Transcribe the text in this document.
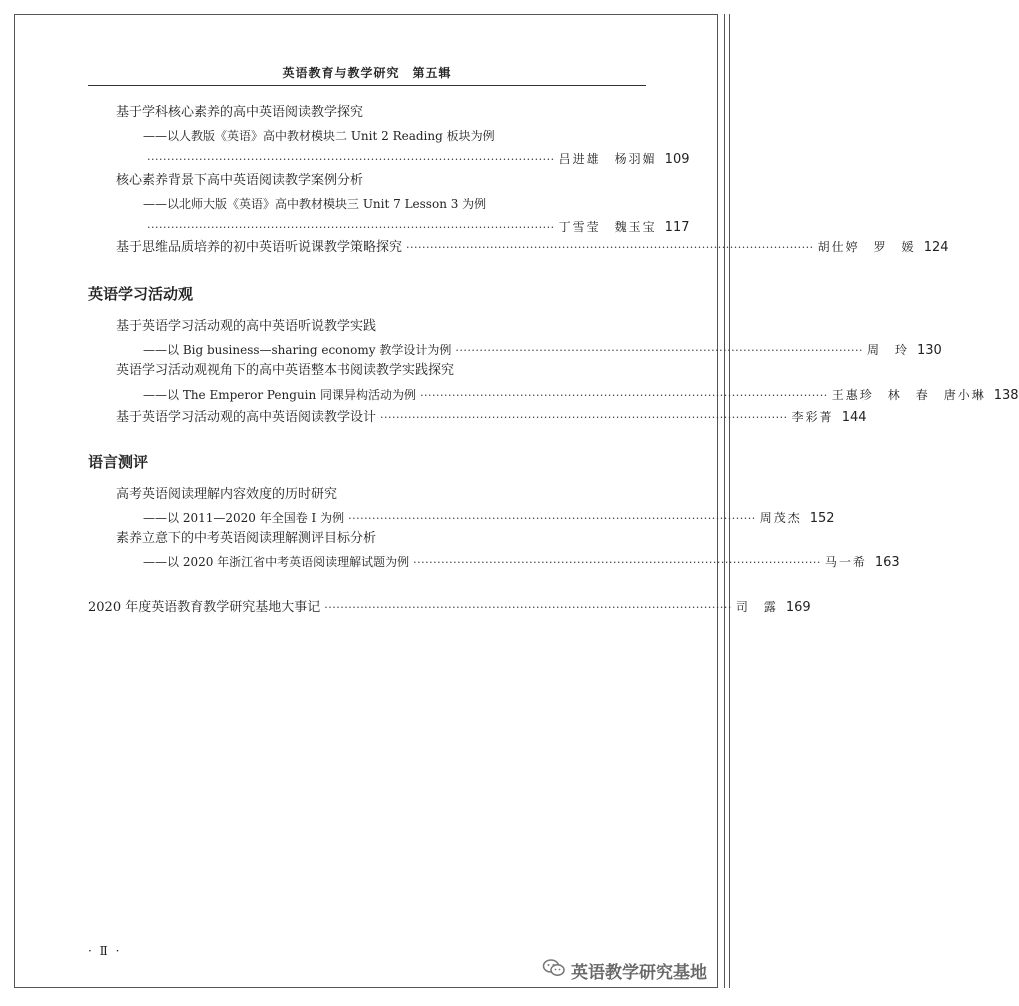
英语教育与教学研究　第五辑
基于学科核心素养的高中英语阅读教学探究
——以人教版《英语》高中教材模块二 Unit 2 Reading 板块为例
······································································································ 吕进雄　杨羽媚 109
核心素养背景下高中英语阅读教学案例分析
——以北师大版《英语》高中教材模块三 Unit 7 Lesson 3 为例
······································································································ 丁雪莹　魏玉宝 117
基于思维品质培养的初中英语听说课教学策略探究 ······································································································ 胡仕婷　罗　媛 124
英语学习活动观
基于英语学习活动观的高中英语听说教学实践
——以 Big business—sharing economy 教学设计为例 ······································································································ 周　玲 130
英语学习活动观视角下的高中英语整本书阅读教学实践探究
——以 The Emperor Penguin 同课异构活动为例 ······································································································ 王惠珍　林　春　唐小琳 138
基于英语学习活动观的高中英语阅读教学设计 ······································································································ 李彩菁 144
语言测评
高考英语阅读理解内容效度的历时研究
——以 2011—2020 年全国卷 Ⅰ 为例 ······································································································ 周茂杰 152
素养立意下的中考英语阅读理解测评目标分析
——以 2020 年浙江省中考英语阅读理解试题为例 ······································································································ 马一希 163
2020 年度英语教育教学研究基地大事记 ······································································································ 司　露 169
· Ⅱ ·
英语教学研究基地
